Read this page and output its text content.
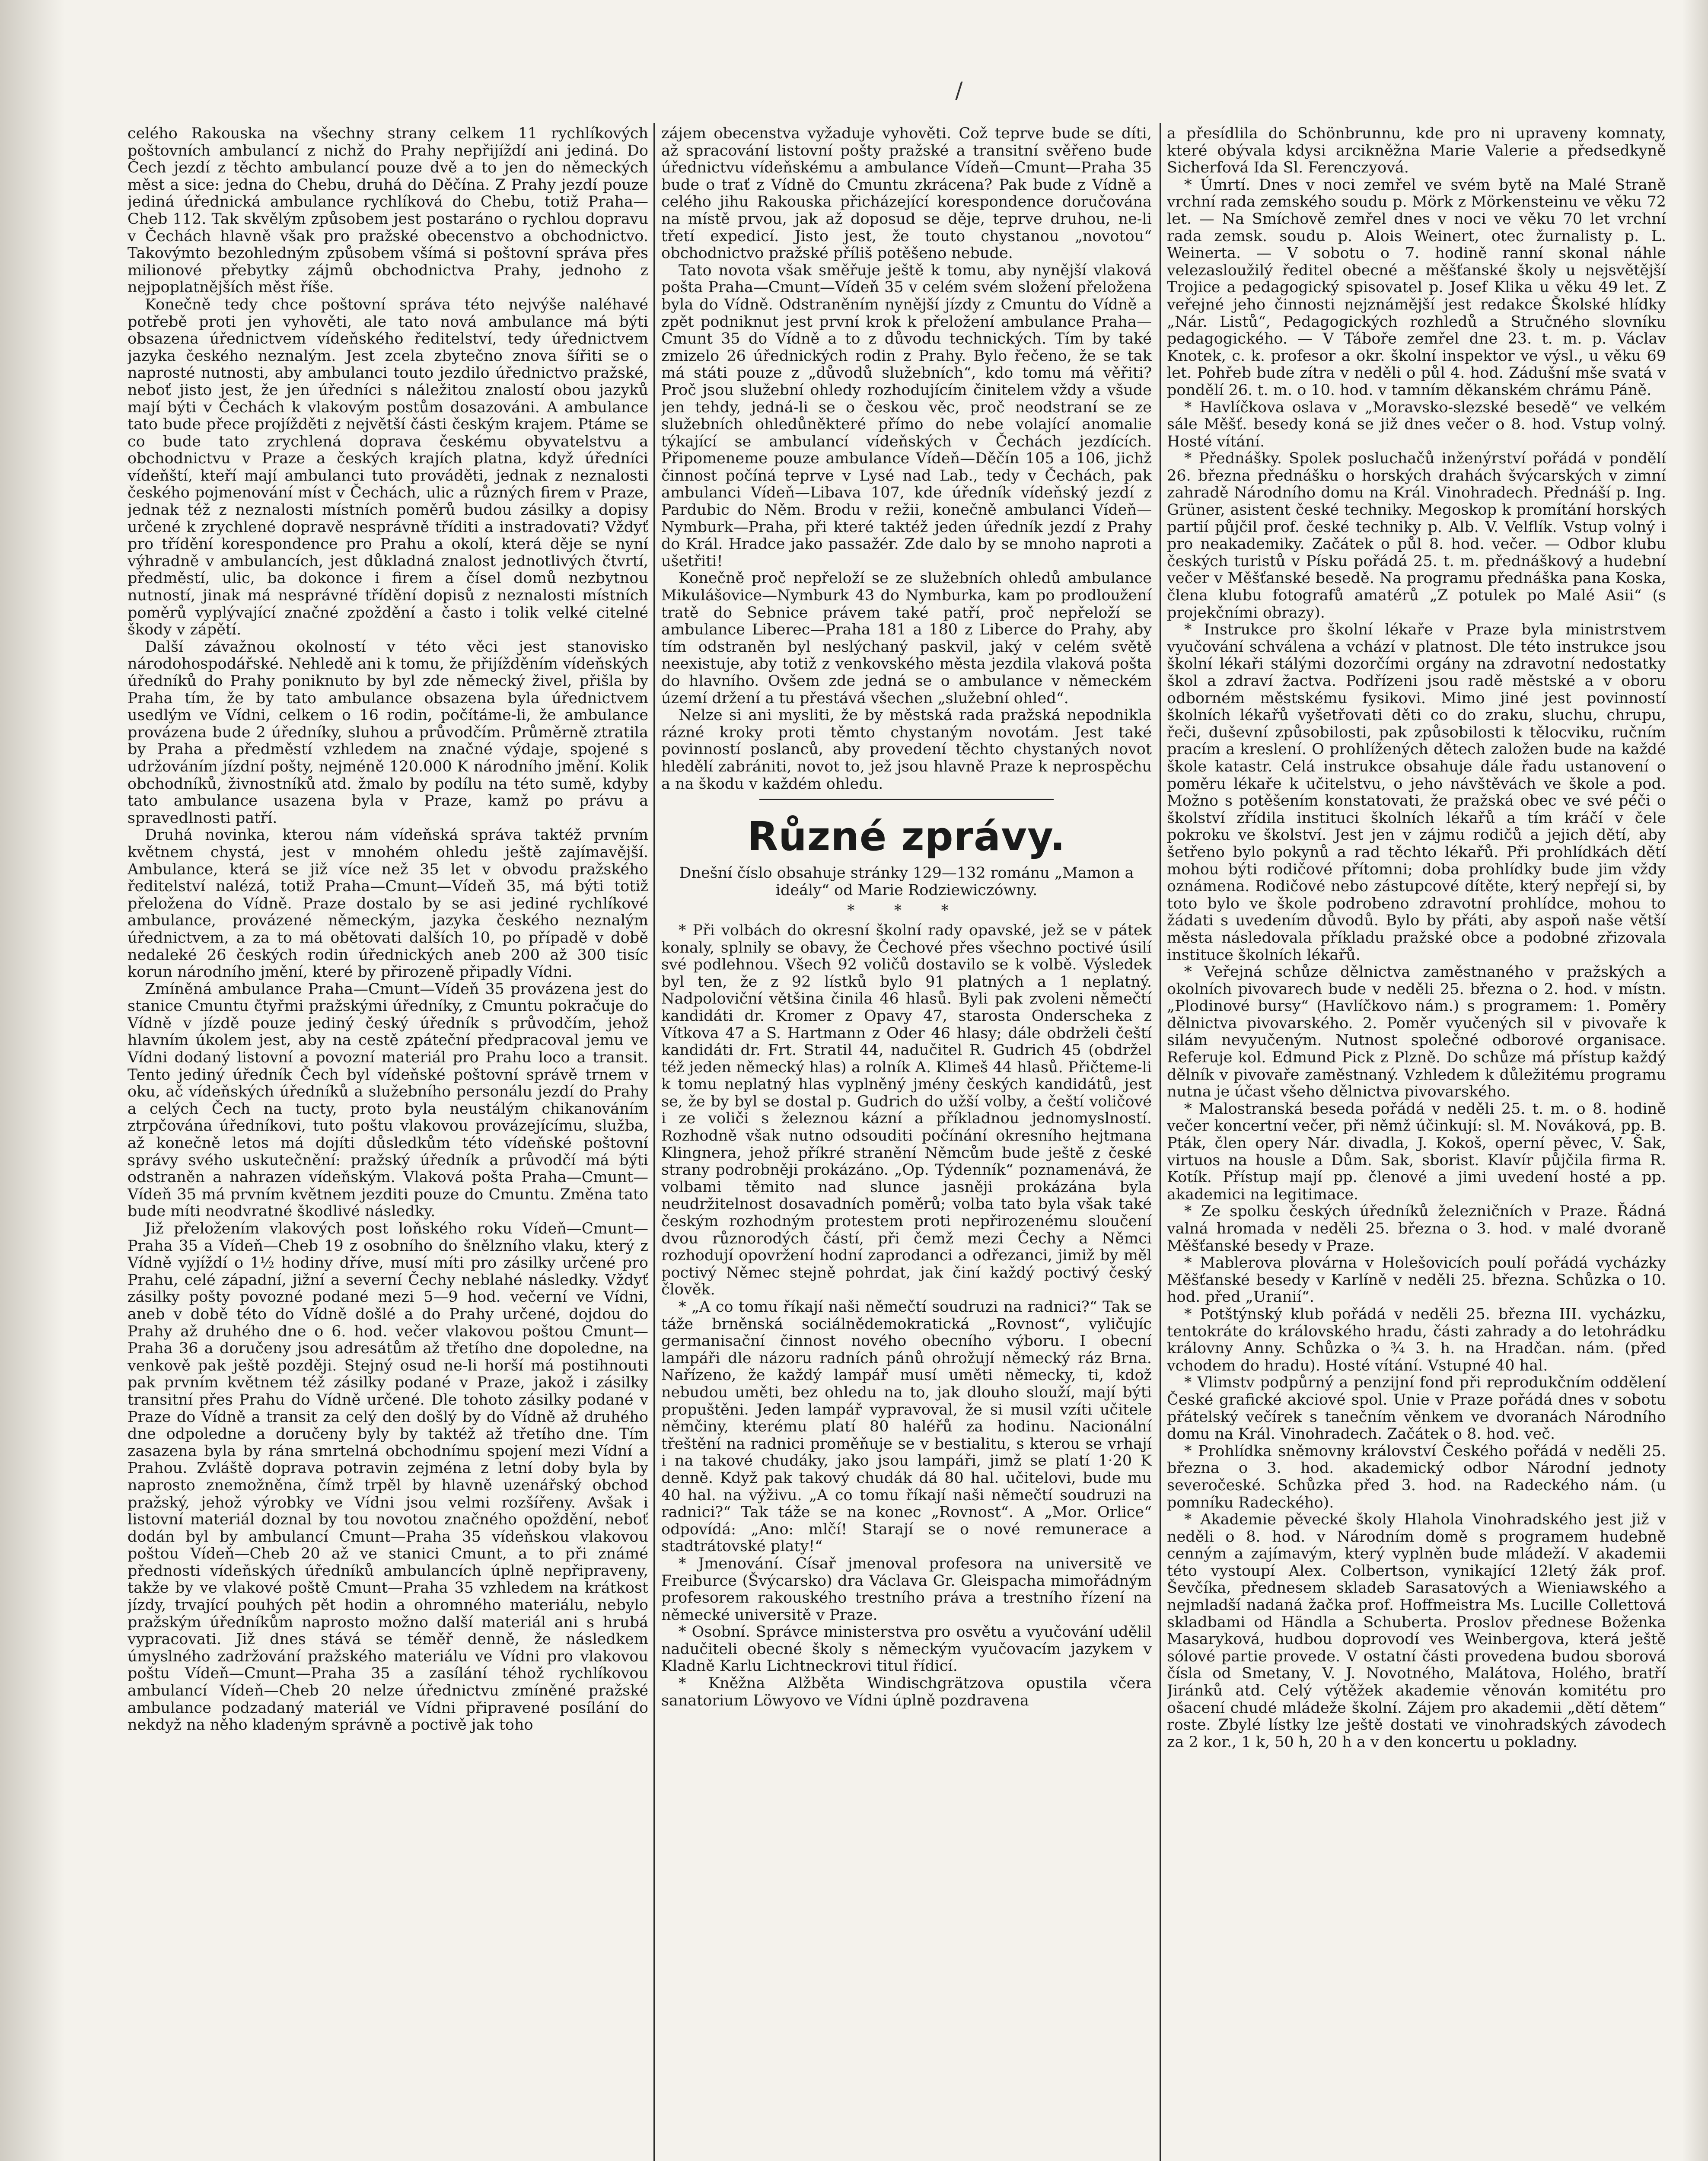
/

celého Rakouska na všechny strany celkem 11 rychlíkových poštovních ambulancí z nichž do Prahy nepřijíždí ani jediná. Do Čech jezdí z těchto ambulancí pouze dvě a to jen do německých měst a sice: jedna do Chebu, druhá do Děčína. Z Prahy jezdí pouze jediná úřednická ambulance rychlíková do Chebu, totiž Praha—Cheb 112. Tak skvělým způsobem jest postaráno o rychlou dopravu v Čechách hlavně však pro pražské obecenstvo a obchodnictvo. Takovýmto bezohledným způsobem všímá si poštovní správa přes milionové přebytky zájmů obchodnictva Prahy, jednoho z nejpoplatnějších měst říše.

Konečně tedy chce poštovní správa této nejvýše naléhavé potřebě proti jen vyhověti, ale tato nová ambulance má býti obsazena úřednictvem vídeňského ředitelství, tedy úřednictvem jazyka českého neznalým. Jest zcela zbytečno znova šířiti se o naprosté nutnosti, aby ambulanci touto jezdilo úřednictvo pražské, neboť jisto jest, že jen úředníci s náležitou znalostí obou jazyků mají býti v Čechách k vlakovým postům dosazováni. A ambulance tato bude přece projížděti z největší části českým krajem. Ptáme se co bude tato zrychlená doprava českému obyvatelstvu a obchodnictvu v Praze a českých krajích platna, když úředníci vídeňští, kteří mají ambulanci tuto prováděti, jednak z neznalosti českého pojmenování míst v Čechách, ulic a různých firem v Praze, jednak též z neznalosti místních poměrů budou zásilky a dopisy určené k zrychlené dopravě nesprávně tříditi a instradovati? Vždyť pro třídění korespondence pro Prahu a okolí, která děje se nyní výhradně v ambulancích, jest důkladná znalost jednotlivých čtvrtí, předměstí, ulic, ba dokonce i firem a čísel domů nezbytnou nutností, jinak má nesprávné třídění dopisů z neznalosti místních poměrů vyplývající značné zpoždění a často i tolik velké citelné škody v zápětí.

Další závažnou okolností v této věci jest stanovisko národohospodářské. Nehledě ani k tomu, že přijížděním vídeňských úředníků do Prahy poniknuto by byl zde německý živel, přišla by Praha tím, že by tato ambulance obsazena byla úřednictvem usedlým ve Vídni, celkem o 16 rodin, počítáme-li, že ambulance provázena bude 2 úředníky, sluhou a průvodčím. Průměrně ztratila by Praha a předměstí vzhledem na značné výdaje, spojené s udržováním jízdní pošty, nejméně 120.000 K národního jmění. Kolik obchodníků, živnostníků atd. žmalo by podílu na této sumě, kdyby tato ambulance usazena byla v Praze, kamž po právu a spravedlnosti patří.

Druhá novinka, kterou nám vídeňská správa taktéž prvním květnem chystá, jest v mnohém ohledu ještě zajímavější. Ambulance, která se již více než 35 let v obvodu pražského ředitelství nalézá, totiž Praha—Cmunt—Vídeň 35, má býti totiž přeložena do Vídně. Praze dostalo by se asi jediné rychlíkové ambulance, provázené německým, jazyka českého neznalým úřednictvem, a za to má obětovati dalších 10, po případě v době nedaleké 26 českých rodin úřednických aneb 200 až 300 tisíc korun národního jmění, které by přirozeně připadly Vídni.

Zmíněná ambulance Praha—Cmunt—Vídeň 35 provázena jest do stanice Cmuntu čtyřmi pražskými úředníky, z Cmuntu pokračuje do Vídně v jízdě pouze jediný český úředník s průvodčím, jehož hlavním úkolem jest, aby na cestě zpáteční předpracoval jemu ve Vídni dodaný listovní a povozní materiál pro Prahu loco a transit. Tento jediný úředník Čech byl vídeňské poštovní správě trnem v oku, ač vídeňských úředníků a služebního personálu jezdí do Prahy a celých Čech na tucty, proto byla neustálým chikanováním ztrpčována úředníkovi, tuto poštu vlakovou provázejícímu, služba, až konečně letos má dojíti důsledkům této vídeňské poštovní správy svého uskutečnění: pražský úředník a průvodčí má býti odstraněn a nahrazen vídeňským. Vlaková pošta Praha—Cmunt—Vídeň 35 má prvním květnem jezditi pouze do Cmuntu. Změna tato bude míti neodvratné škodlivé následky.

Již přeložením vlakových post loňského roku Vídeň—Cmunt—Praha 35 a Vídeň—Cheb 19 z osobního do šnělzního vlaku, který z Vídně vyjíždí o 1½ hodiny dříve, musí míti pro zásilky určené pro Prahu, celé západní, jižní a severní Čechy neblahé následky. Vždyť zásilky pošty povozné podané mezi 5—9 hod. večerní ve Vídni, aneb v době této do Vídně došlé a do Prahy určené, dojdou do Prahy až druhého dne o 6. hod. večer vlakovou poštou Cmunt—Praha 36 a doručeny jsou adresátům až třetího dne dopoledne, na venkově pak ještě později. Stejný osud ne-li horší má postihnouti pak prvním květnem též zásilky podané v Praze, jakož i zásilky transitní přes Prahu do Vídně určené. Dle tohoto zásilky podané v Praze do Vídně a transit za celý den došlý by do Vídně až druhého dne odpoledne a doručeny byly by taktéž až třetího dne. Tím zasazena byla by rána smrtelná obchodnímu spojení mezi Vídní a Prahou. Zvláště doprava potravin zejména z letní doby byla by naprosto znemožněna, čímž trpěl by hlavně uzenářský obchod pražský, jehož výrobky ve Vídni jsou velmi rozšířeny. Avšak i listovní materiál doznal by tou novotou značného opoždění, neboť dodán byl by ambulancí Cmunt—Praha 35 vídeňskou vlakovou poštou Vídeň—Cheb 20 až ve stanici Cmunt, a to při známé přednosti vídeňských úředníků ambulancích úplně nepřipraveny, takže by ve vlakové poště Cmunt—Praha 35 vzhledem na krátkost jízdy, trvající pouhých pět hodin a ohromného materiálu, nebylo pražským úředníkům naprosto možno další materiál ani s hrubá vypracovati. Již dnes stává se téměř denně, že následkem úmyslného zadržování pražského materiálu ve Vídni pro vlakovou poštu Vídeň—Cmunt—Praha 35 a zasílání téhož rychlíkovou ambulancí Vídeň—Cheb 20 nelze úřednictvu zmíněné pražské ambulance podzadaný materiál ve Vídni připravené posílání do nekdyž na něho kladeným správně a poctivě jak toho

zájem obecenstva vyžaduje vyhověti. Což teprve bude se díti, až spracování listovní pošty pražské a transitní svěřeno bude úřednictvu vídeňskému a ambulance Vídeň—Cmunt—Praha 35 bude o trať z Vídně do Cmuntu zkrácena? Pak bude z Vídně a celého jihu Rakouska přicházející korespondence doručována na místě prvou, jak až doposud se děje, teprve druhou, ne-li třetí expedicí. Jisto jest, že touto chystanou „novotou“ obchodnictvo pražské příliš potěšeno nebude.

Tato novota však směřuje ještě k tomu, aby nynější vlaková pošta Praha—Cmunt—Vídeň 35 v celém svém složení přeložena byla do Vídně. Odstraněním nynější jízdy z Cmuntu do Vídně a zpět podniknut jest první krok k přeložení ambulance Praha—Cmunt 35 do Vídně a to z důvodu technických. Tím by také zmizelo 26 úřednických rodin z Prahy. Bylo řečeno, že se tak má státi pouze z „důvodů služebních“, kdo tomu má věřiti? Proč jsou služební ohledy rozhodujícím činitelem vždy a všude jen tehdy, jedná-li se o českou věc, proč neodstraní se ze služebních ohledůněkteré přímo do nebe volající anomalie týkající se ambulancí vídeňských v Čechách jezdících. Připomeneme pouze ambulance Vídeň—Děčín 105 a 106, jichž činnost počíná teprve v Lysé nad Lab., tedy v Čechách, pak ambulanci Vídeň—Libava 107, kde úředník vídeňský jezdí z Pardubic do Něm. Brodu v režii, konečně ambulanci Vídeň—Nymburk—Praha, při které taktéž jeden úředník jezdí z Prahy do Král. Hradce jako passažér. Zde dalo by se mnoho naproti a ušetřiti!

Konečně proč nepřeloží se ze služebních ohledů ambulance Mikulášovice—Nymburk 43 do Nymburka, kam po prodloužení tratě do Sebnice právem také patří, proč nepřeloží se ambulance Liberec—Praha 181 a 180 z Liberce do Prahy, aby tím odstraněn byl neslýchaný paskvil, jaký v celém světě neexistuje, aby totiž z venkovského města jezdila vlaková pošta do hlavního. Ovšem zde jedná se o ambulance v německém území držení a tu přestává všechen „služební ohled“.

Nelze si ani mysliti, že by městská rada pražská nepodnikla rázné kroky proti těmto chystaným novotám. Jest také povinností poslanců, aby provedení těchto chystaných novot hledělí zabrániti, novot to, jež jsou hlavně Praze k neprospěchu a na škodu v každém ohledu.

Různé zprávy.
Dnešní číslo obsahuje stránky 129—132 románu „Mamon a ideály“ od Marie Rodziewiczówny.
* * *

* Při volbách do okresní školní rady opavské, jež se v pátek konaly, splnily se obavy, že Čechové přes všechno poctivé úsilí své podlehnou. Všech 92 voličů dostavilo se k volbě. Výsledek byl ten, že z 92 lístků bylo 91 platných a 1 neplatný. Nadpoloviční většina činila 46 hlasů. Byli pak zvoleni němečtí kandidáti dr. Kromer z Opavy 47, starosta Onderscheka z Vítkova 47 a S. Hartmann z Oder 46 hlasy; dále obdrželi čeští kandidáti dr. Frt. Stratil 44, nadučitel R. Gudrich 45 (obdržel též jeden německý hlas) a rolník A. Klimeš 44 hlasů. Přičteme-li k tomu neplatný hlas vyplněný jmény českých kandidátů, jest se, že by byl se dostal p. Gudrich do užší volby, a čeští voličové i ze voliči s železnou kázní a příkladnou jednomyslností. Rozhodně však nutno odsouditi počínání okresního hejtmana Klingnera, jehož příkré stranění Němcům bude ještě z české strany podrobněji prokázáno. „Op. Týdenník“ poznamenává, že volbami těmito nad slunce jasněji prokázána byla neudržitelnost dosavadních poměrů; volba tato byla však také českým rozhodným protestem proti nepřirozenému sloučení dvou různorodých částí, při čemž mezi Čechy a Němci rozhodují opovržení hodní zaprodanci a odřezanci, jimiž by měl poctivý Němec stejně pohrdat, jak činí každý poctivý český člověk.

* „A co tomu říkají naši němečtí soudruzi na radnici?“ Tak se táže brněnská sociálnědemokratická „Rovnost“, vyličujíc germanisační činnost nového obecního výboru. I obecní lampáři dle názoru radních pánů ohrožují německý ráz Brna. Nařízeno, že každý lampář musí uměti německy, ti, kdož nebudou uměti, bez ohledu na to, jak dlouho slouží, mají býti propuštěni. Jeden lampář vypravoval, že si musil vzíti učitele němčiny, kterému platí 80 haléřů za hodinu. Nacionální třeštění na radnici proměňuje se v bestialitu, s kterou se vrhají i na takové chudáky, jako jsou lampáři, jimž se platí 1·20 K denně. Když pak takový chudák dá 80 hal. učitelovi, bude mu 40 hal. na výživu. „A co tomu říkají naši němečtí soudruzi na radnici?“ Tak táže se na konec „Rovnost“. A „Mor. Orlice“ odpovídá: „Ano: mlčí! Starají se o nové remunerace a stadtrátovské platy!“

* Jmenování. Císař jmenoval profesora na universitě ve Freiburce (Švýcarsko) dra Václava Gr. Gleispacha mimořádným profesorem rakouského trestního práva a trestního řízení na německé universitě v Praze.

* Osobní. Správce ministerstva pro osvětu a vyučování udělil nadučiteli obecné školy s německým vyučovacím jazykem v Kladně Karlu Lichtneckrovi titul řídicí.

* Kněžna Alžběta Windischgrätzova opustila včera sanatorium Löwyovo ve Vídni úplně pozdravena

a přesídlila do Schönbrunnu, kde pro ni upraveny komnaty, které obývala kdysi arcikněžna Marie Valerie a předsedkyně Sicherfová Ida Sl. Ferenczyová.

* Úmrtí. Dnes v noci zemřel ve svém bytě na Malé Straně vrchní rada zemského soudu p. Mörk z Mörkensteinu ve věku 72 let. — Na Smíchově zemřel dnes v noci ve věku 70 let vrchní rada zemsk. soudu p. Alois Weinert, otec žurnalisty p. L. Weinerta. — V sobotu o 7. hodině ranní skonal náhle velezasloužilý ředitel obecné a měšťanské školy u nejsvětější Trojice a pedagogický spisovatel p. Josef Klika u věku 49 let. Z veřejné jeho činnosti nejznámější jest redakce Školské hlídky „Nár. Listů“, Pedagogických rozhledů a Stručného slovníku pedagogického. — V Táboře zemřel dne 23. t. m. p. Václav Knotek, c. k. profesor a okr. školní inspektor ve výsl., u věku 69 let. Pohřeb bude zítra v neděli o půl 4. hod. Zádušní mše svatá v pondělí 26. t. m. o 10. hod. v tamním děkanském chrámu Páně.

* Havlíčkova oslava v „Moravsko-slezské besedě“ ve velkém sále Měšť. besedy koná se již dnes večer o 8. hod. Vstup volný. Hosté vítání.

* Přednášky. Spolek posluchačů inženýrství pořádá v pondělí 26. března přednášku o horských drahách švýcarských v zimní zahradě Národního domu na Král. Vinohradech. Přednáší p. Ing. Grüner, asistent české techniky. Megoskop k promítání horských partií půjčil prof. české techniky p. Alb. V. Velflík. Vstup volný i pro neakademiky. Začátek o půl 8. hod. večer. — Odbor klubu českých turistů v Písku pořádá 25. t. m. přednáškový a hudební večer v Měšťanské besedě. Na programu přednáška pana Koska, člena klubu fotografů amatérů „Z potulek po Malé Asii“ (s projekčními obrazy).

* Instrukce pro školní lékaře v Praze byla ministrstvem vyučování schválena a vchází v platnost. Dle této instrukce jsou školní lékaři stálými dozorčími orgány na zdravotní nedostatky škol a zdraví žactva. Podřízeni jsou radě městské a v oboru odborném městskému fysikovi. Mimo jiné jest povinností školních lékařů vyšetřovati děti co do zraku, sluchu, chrupu, řeči, duševní způsobilosti, pak způsobilosti k tělocviku, ručním pracím a kreslení. O prohlížených dětech založen bude na každé škole katastr. Celá instrukce obsahuje dále řadu ustanovení o poměru lékaře k učitelstvu, o jeho návštěvách ve škole a pod. Možno s potěšením konstatovati, že pražská obec ve své péči o školství zřídila instituci školních lékařů a tím kráčí v čele pokroku ve školství. Jest jen v zájmu rodičů a jejich dětí, aby šetřeno bylo pokynů a rad těchto lékařů. Při prohlídkách dětí mohou býti rodičové přítomni; doba prohlídky bude jim vždy oznámena. Rodičové nebo zástupcové dítěte, který nepřejí si, by toto bylo ve škole podrobeno zdravotní prohlídce, mohou to žádati s uvedením důvodů. Bylo by přáti, aby aspoň naše větší města následovala příkladu pražské obce a podobné zřizovala instituce školních lékařů.

* Veřejná schůze dělnictva zaměstnaného v pražských a okolních pivovarech bude v neděli 25. března o 2. hod. v místn. „Plodinové bursy“ (Havlíčkovo nám.) s programem: 1. Poměry dělnictva pivovarského. 2. Poměr vyučených sil v pivovaře k silám nevyučeným. Nutnost společné odborové organisace. Referuje kol. Edmund Pick z Plzně. Do schůze má přístup každý dělník v pivovaře zaměstnaný. Vzhledem k důležitému programu nutna je účast všeho dělnictva pivovarského.

* Malostranská beseda pořádá v neděli 25. t. m. o 8. hodině večer koncertní večer, při němž účinkují: sl. M. Nováková, pp. B. Pták, člen opery Nár. divadla, J. Kokoš, operní pěvec, V. Šak, virtuos na housle a Dům. Sak, sborist. Klavír půjčila firma R. Kotík. Přístup mají pp. členové a jimi uvedení hosté a pp. akademici na legitimace.

* Ze spolku českých úředníků železničních v Praze. Řádná valná hromada v neděli 25. března o 3. hod. v malé dvoraně Měšťanské besedy v Praze.

* Mablerova plovárna v Holešovicích poulí pořádá vycházky Měšťanské besedy v Karlíně v neděli 25. března. Schůzka o 10. hod. před „Uranií“.

* Potštýnský klub pořádá v neděli 25. března III. vycházku, tentokráte do královského hradu, části zahrady a do letohrádku královny Anny. Schůzka o ¾ 3. h. na Hradčan. nám. (před vchodem do hradu). Hosté vítání. Vstupné 40 hal.

* Vlimstv podpůrný a penzijní fond při reprodukčním oddělení České grafické akciové spol. Unie v Praze pořádá dnes v sobotu přátelský večírek s tanečním věnkem ve dvoranách Národního domu na Král. Vinohradech. Začátek o 8. hod. več.

* Prohlídka sněmovny království Českého pořádá v neděli 25. března o 3. hod. akademický odbor Národní jednoty severočeské. Schůzka před 3. hod. na Radeckého nám. (u pomníku Radeckého).

* Akademie pěvecké školy Hlahola Vinohradského jest již v neděli o 8. hod. v Národním domě s programem hudebně cenným a zajímavým, který vyplněn bude mládeží. V akademii této vystoupí Alex. Colbertson, vynikající 12letý žák prof. Ševčíka, přednesem skladeb Sarasatových a Wieniawského a nejmladší nadaná žačka prof. Hoffmeistra Ms. Lucille Collettová skladbami od Händla a Schuberta. Proslov přednese Boženka Masaryková, hudbou doprovodí ves Weinbergova, která ještě sólové partie provede. V ostatní části provedena budou sborová čísla od Smetany, V. J. Novotného, Malátova, Holého, bratří Jiránků atd. Celý výtěžek akademie věnován komitétu pro ošacení chudé mládeže školní. Zájem pro akademii „dětí dětem“ roste. Zbylé lístky lze ještě dostati ve vinohradských závodech za 2 kor., 1 k, 50 h, 20 h a v den koncertu u pokladny.
